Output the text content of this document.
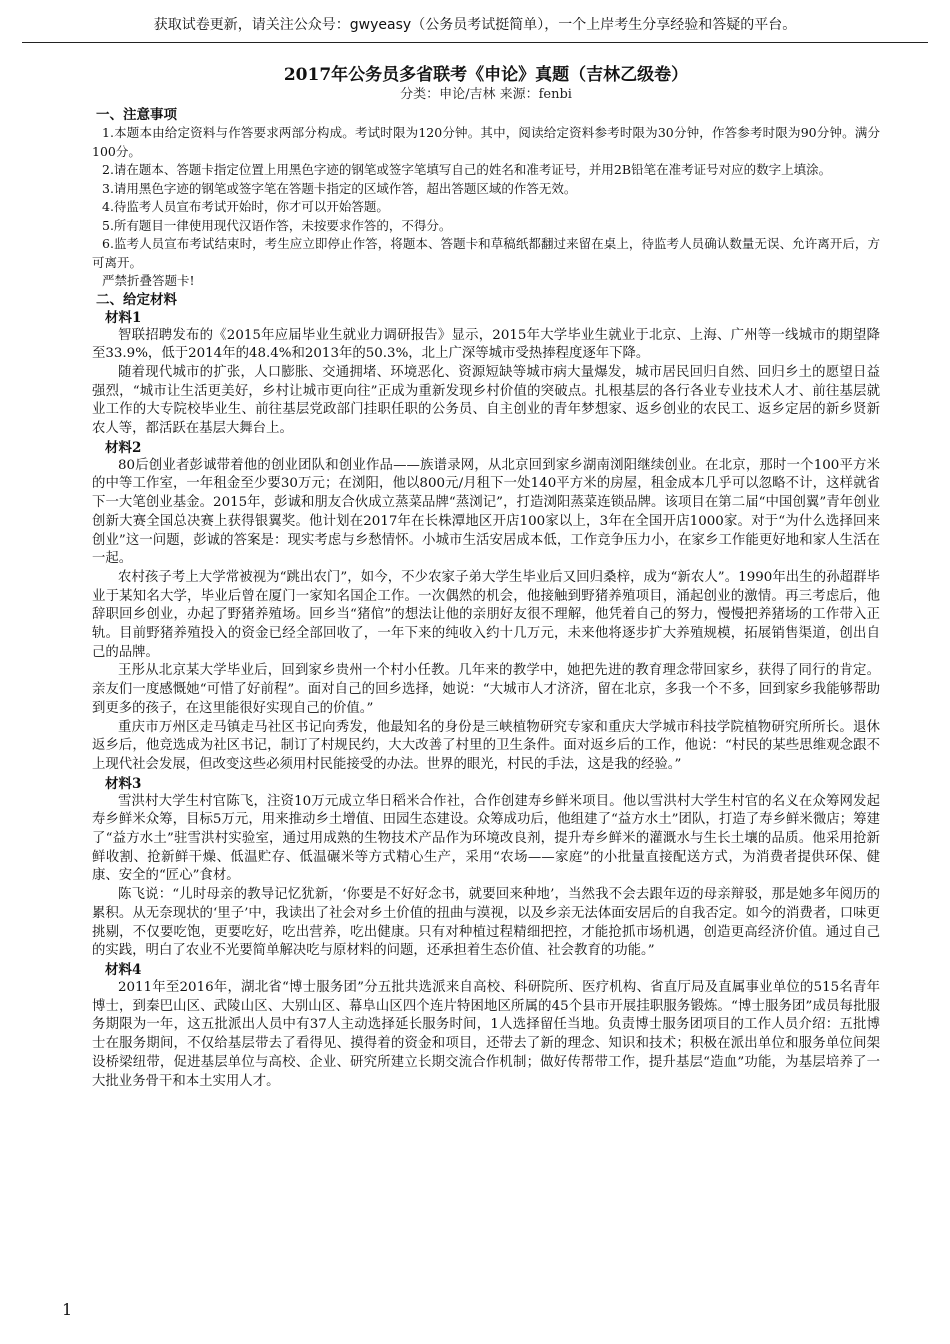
获取试卷更新，请关注公众号：gwyeasy（公务员考试挺简单），一个上岸考生分享经验和答疑的平台。
2017年公务员多省联考《申论》真题（吉林乙级卷）
分类：申论/吉林 来源：fenbi
一、注意事项

1.本题本由给定资料与作答要求两部分构成。考试时限为120分钟。其中，阅读给定资料参考时限为30分钟，作答参考时限为90分钟。满分100分。

2.请在题本、答题卡指定位置上用黑色字迹的钢笔或签字笔填写自己的姓名和准考证号，并用2B铅笔在准考证号对应的数字上填涂。

3.请用黑色字迹的钢笔或签字笔在答题卡指定的区域作答，超出答题区域的作答无效。

4.待监考人员宣布考试开始时，你才可以开始答题。

5.所有题目一律使用现代汉语作答，未按要求作答的，不得分。

6.监考人员宣布考试结束时，考生应立即停止作答，将题本、答题卡和草稿纸都翻过来留在桌上，待监考人员确认数量无误、允许离开后，方可离开。

严禁折叠答题卡!

二、给定材料
材料1

智联招聘发布的《2015年应届毕业生就业力调研报告》显示，2015年大学毕业生就业于北京、上海、广州等一线城市的期望降至33.9%，低于2014年的48.4%和2013年的50.3%，北上广深等城市受热捧程度逐年下降。

随着现代城市的扩张，人口膨胀、交通拥堵、环境恶化、资源短缺等城市病大量爆发，城市居民回归自然、回归乡土的愿望日益强烈，“城市让生活更美好，乡村让城市更向往”正成为重新发现乡村价值的突破点。扎根基层的各行各业专业技术人才、前往基层就业工作的大专院校毕业生、前往基层党政部门挂职任职的公务员、自主创业的青年梦想家、返乡创业的农民工、返乡定居的新乡贤新农人等，都活跃在基层大舞台上。

材料2

80后创业者彭诚带着他的创业团队和创业作品——族谱录网，从北京回到家乡湖南浏阳继续创业。在北京，那时一个100平方米的中等工作室，一年租金至少要30万元；在浏阳，他以800元/月租下一处140平方米的房屋，租金成本几乎可以忽略不计，这样就省下一大笔创业基金。2015年，彭诚和朋友合伙成立蒸菜品牌“蒸浏记”，打造浏阳蒸菜连锁品牌。该项目在第二届“中国创翼”青年创业创新大赛全国总决赛上获得银翼奖。他计划在2017年在长株潭地区开店100家以上，3年在全国开店1000家。对于“为什么选择回来创业”这一问题，彭诚的答案是：现实考虑与乡愁情怀。小城市生活安居成本低，工作竞争压力小，在家乡工作能更好地和家人生活在一起。

农村孩子考上大学常被视为“跳出农门”，如今，不少农家子弟大学生毕业后又回归桑梓，成为“新农人”。1990年出生的孙超群毕业于某知名大学，毕业后曾在厦门一家知名国企工作。一次偶然的机会，他接触到野猪养殖项目，涌起创业的激情。再三考虑后，他辞职回乡创业，办起了野猪养殖场。回乡当“猪倌”的想法让他的亲朋好友很不理解，他凭着自己的努力，慢慢把养猪场的工作带入正轨。目前野猪养殖投入的资金已经全部回收了，一年下来的纯收入约十几万元，未来他将逐步扩大养殖规模，拓展销售渠道，创出自己的品牌。

王彤从北京某大学毕业后，回到家乡贵州一个村小任教。几年来的教学中，她把先进的教育理念带回家乡，获得了同行的肯定。亲友们一度感慨她“可惜了好前程”。面对自己的回乡选择，她说：“大城市人才济济，留在北京，多我一个不多，回到家乡我能够帮助到更多的孩子，在这里能很好实现自己的价值。”

重庆市万州区走马镇走马社区书记向秀发，他最知名的身份是三峡植物研究专家和重庆大学城市科技学院植物研究所所长。退休返乡后，他竞选成为社区书记，制订了村规民约，大大改善了村里的卫生条件。面对返乡后的工作，他说：“村民的某些思维观念跟不上现代社会发展，但改变这些必须用村民能接受的办法。世界的眼光，村民的手法，这是我的经验。”

材料3

雪洪村大学生村官陈飞，注资10万元成立华日稻米合作社，合作创建寿乡鲜米项目。他以雪洪村大学生村官的名义在众筹网发起寿乡鲜米众筹，目标5万元，用来推动乡土增值、田园生态建设。众筹成功后，他组建了“益方水土”团队，打造了寿乡鲜米微店；筹建了“益方水土”驻雪洪村实验室，通过用成熟的生物技术产品作为环境改良剂，提升寿乡鲜米的灌溉水与生长土壤的品质。他采用抢新鲜收割、抢新鲜干燥、低温贮存、低温碾米等方式精心生产，采用“农场——家庭”的小批量直接配送方式，为消费者提供环保、健康、安全的“匠心”食材。

陈飞说：“儿时母亲的教导记忆犹新，‘你要是不好好念书，就要回来种地’，当然我不会去跟年迈的母亲辩驳，那是她多年阅历的累积。从无奈现状的‘里子’中，我读出了社会对乡土价值的扭曲与漠视，以及乡亲无法体面安居后的自我否定。如今的消费者，口味更挑剔，不仅要吃饱，更要吃好，吃出营养，吃出健康。只有对种植过程精细把控，才能抢抓市场机遇，创造更高经济价值。通过自己的实践，明白了农业不光要简单解决吃与原材料的问题，还承担着生态价值、社会教育的功能。”

材料4

2011年至2016年，湖北省“博士服务团”分五批共选派来自高校、科研院所、医疗机构、省直厅局及直属事业单位的515名青年博士，到秦巴山区、武陵山区、大别山区、幕阜山区四个连片特困地区所属的45个县市开展挂职服务锻炼。“博士服务团”成员每批服务期限为一年，这五批派出人员中有37人主动选择延长服务时间，1人选择留任当地。负责博士服务团项目的工作人员介绍：五批博士在服务期间，不仅给基层带去了看得见、摸得着的资金和项目，还带去了新的理念、知识和技术；积极在派出单位和服务单位间架设桥梁纽带，促进基层单位与高校、企业、研究所建立长期交流合作机制；做好传帮带工作，提升基层“造血”功能，为基层培养了一大批业务骨干和本土实用人才。

1
